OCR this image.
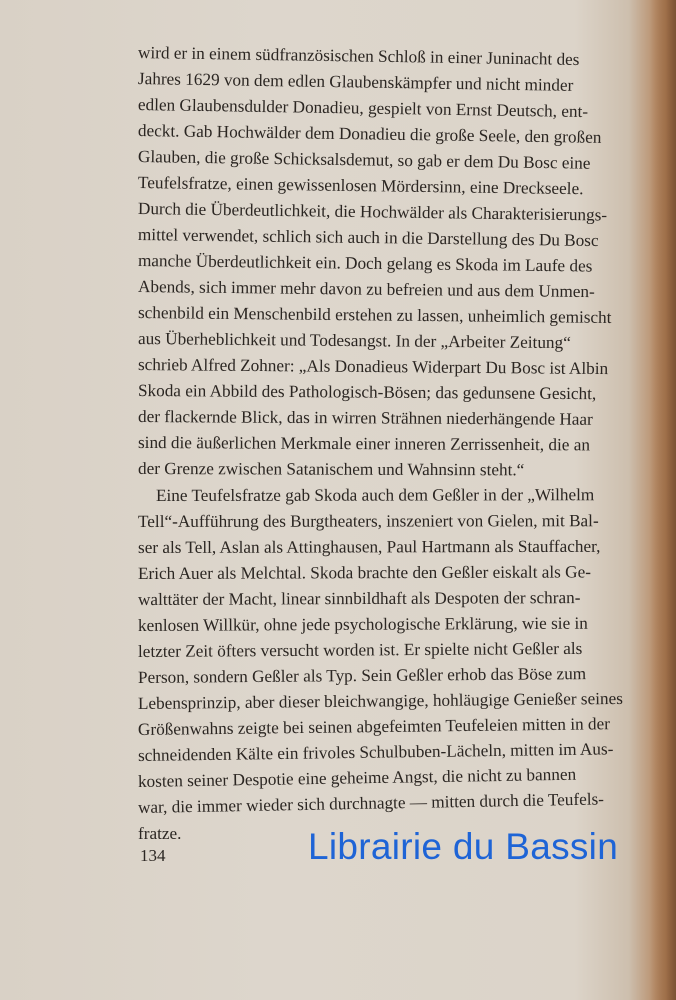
wird er in einem südfranzösischen Schloß in einer Juninacht des
Jahres 1629 von dem edlen Glaubenskämpfer und nicht minder
edlen Glaubensdulder Donadieu, gespielt von Ernst Deutsch, ent-
deckt. Gab Hochwälder dem Donadieu die große Seele, den großen
Glauben, die große Schicksalsdemut, so gab er dem Du Bosc eine
Teufelsfratze, einen gewissenlosen Mördersinn, eine Dreckseele.
Durch die Überdeutlichkeit, die Hochwälder als Charakterisierungs-
mittel verwendet, schlich sich auch in die Darstellung des Du Bosc
manche Überdeutlichkeit ein. Doch gelang es Skoda im Laufe des
Abends, sich immer mehr davon zu befreien und aus dem Unmen-
schenbild ein Menschenbild erstehen zu lassen, unheimlich gemischt
aus Überheblichkeit und Todesangst. In der „Arbeiter Zeitung“
schrieb Alfred Zohner: „Als Donadieus Widerpart Du Bosc ist Albin
Skoda ein Abbild des Pathologisch-Bösen; das gedunsene Gesicht,
der flackernde Blick, das in wirren Strähnen niederhängende Haar
sind die äußerlichen Merkmale einer inneren Zerrissenheit, die an
der Grenze zwischen Satanischem und Wahnsinn steht.“
Eine Teufelsfratze gab Skoda auch dem Geßler in der „Wilhelm
Tell“-Aufführung des Burgtheaters, inszeniert von Gielen, mit Bal-
ser als Tell, Aslan als Attinghausen, Paul Hartmann als Stauffacher,
Erich Auer als Melchtal. Skoda brachte den Geßler eiskalt als Ge-
walttäter der Macht, linear sinnbildhaft als Despoten der schran-
kenlosen Willkür, ohne jede psychologische Erklärung, wie sie in
letzter Zeit öfters versucht worden ist. Er spielte nicht Geßler als
Person, sondern Geßler als Typ. Sein Geßler erhob das Böse zum
Lebensprinzip, aber dieser bleichwangige, hohläugige Genießer seines
Größenwahns zeigte bei seinen abgefeimten Teufeleien mitten in der
schneidenden Kälte ein frivoles Schulbuben-Lächeln, mitten im Aus-
kosten seiner Despotie eine geheime Angst, die nicht zu bannen
war, die immer wieder sich durchnagte — mitten durch die Teufels-
fratze.
134	Librairie du Bassin
